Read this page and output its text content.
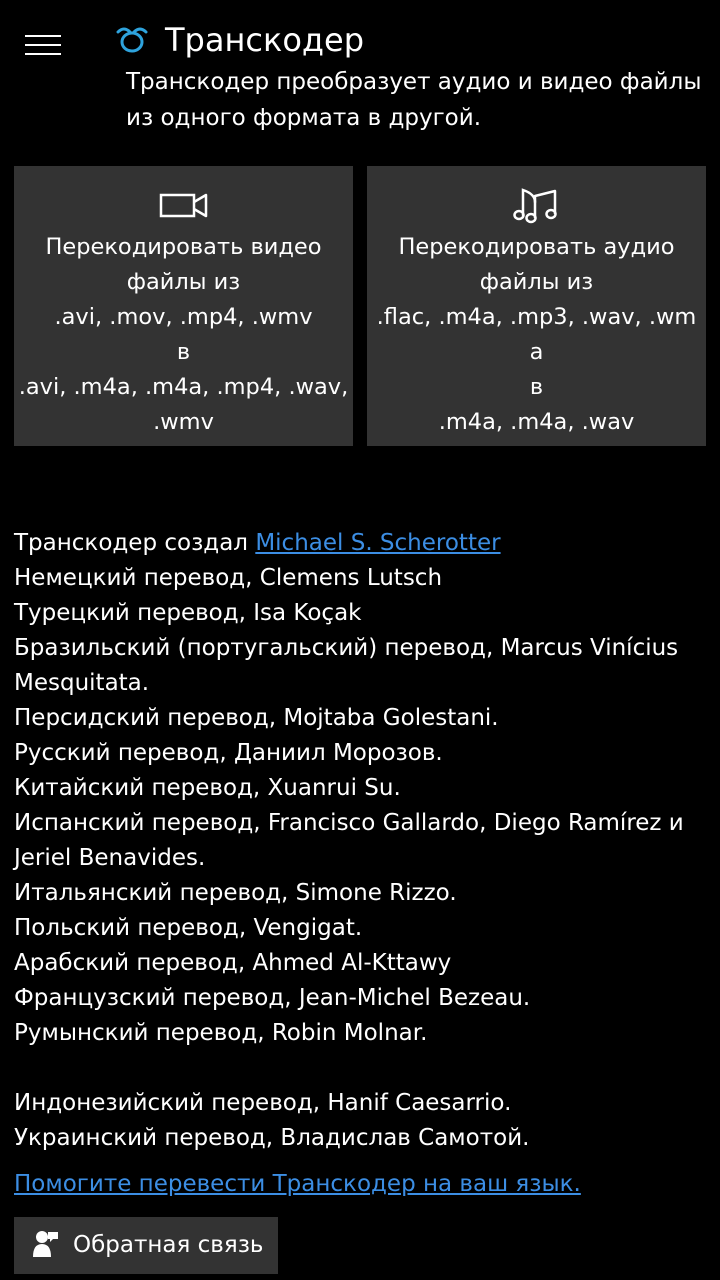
Транскодер
Транскодер преобразует аудио и видео файлы
из одного формата в другой.
Перекодировать видео
файлы из
.avi, .mov, .mp4, .wmv
в
.avi, .m4a, .m4a, .mp4, .wav,
.wmv
Перекодировать аудио
файлы из
.flac, .m4a, .mp3, .wav, .wm
a
в
.m4a, .m4a, .wav
Транскодер создал Michael S. Scherotter
Немецкий перевод, Clemens Lutsch
Турецкий перевод, Isa Koçak
Бразильский (португальский) перевод, Marcus Vinícius
Mesquitata.
Персидский перевод, Mojtaba Golestani.
Русский перевод, Даниил Морозов.
Китайский перевод, Xuanrui Su.
Испанский перевод, Francisco Gallardo, Diego Ramírez и
Jeriel Benavides.
Итальянский перевод, Simone Rizzo.
Польский перевод, Vengigat.
Арабский перевод, Ahmed Al-Kttawy
Французский перевод, Jean-Michel Bezeau.
Румынский перевод, Robin Molnar.
Индонезийский перевод, Hanif Caesarrio.
Украинский перевод, Владислав Самотой.
Помогите перевести Транскодер на ваш язык.
Обратная связь
